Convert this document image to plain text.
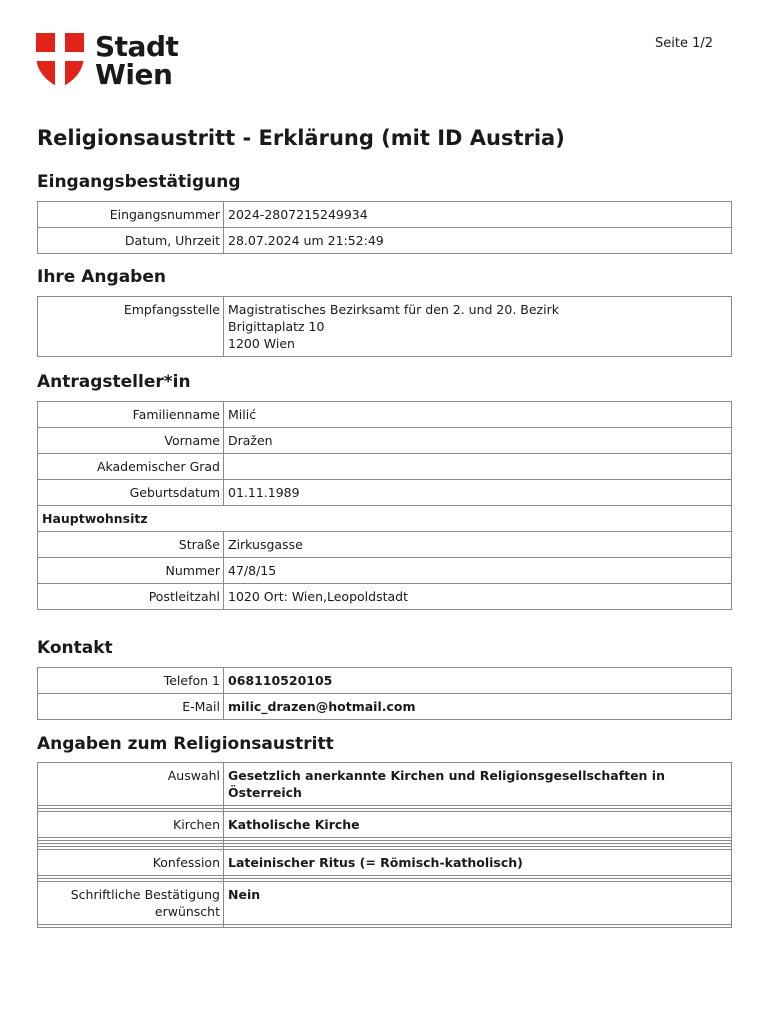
Stadt
Wien
Seite 1/2
Religionsaustritt - Erklärung (mit ID Austria)
Eingangsbestätigung
Eingangsnummer	2024-2807215249934
Datum, Uhrzeit	28.07.2024 um 21:52:49
Ihre Angaben
Empfangsstelle	Magistratisches Bezirksamt für den 2. und 20. Bezirk
Brigittaplatz 10
1200 Wien
Antragsteller*in
Familienname	Milić
Vorname	Dražen
Akademischer Grad	
Geburtsdatum	01.11.1989
Hauptwohnsitz	
Straße	Zirkusgasse
Nummer	47/8/15
Postleitzahl	1020 Ort: Wien,Leopoldstadt
Kontakt
Telefon 1	068110520105
E-Mail	milic_drazen@hotmail.com
Angaben zum Religionsaustritt
Auswahl	Gesetzlich anerkannte Kirchen und Religionsgesellschaften in Österreich

Kirchen	Katholische Kirche

Konfession	Lateinischer Ritus (= Römisch-katholisch)

Schriftliche Bestätigung
erwünscht	Nein
